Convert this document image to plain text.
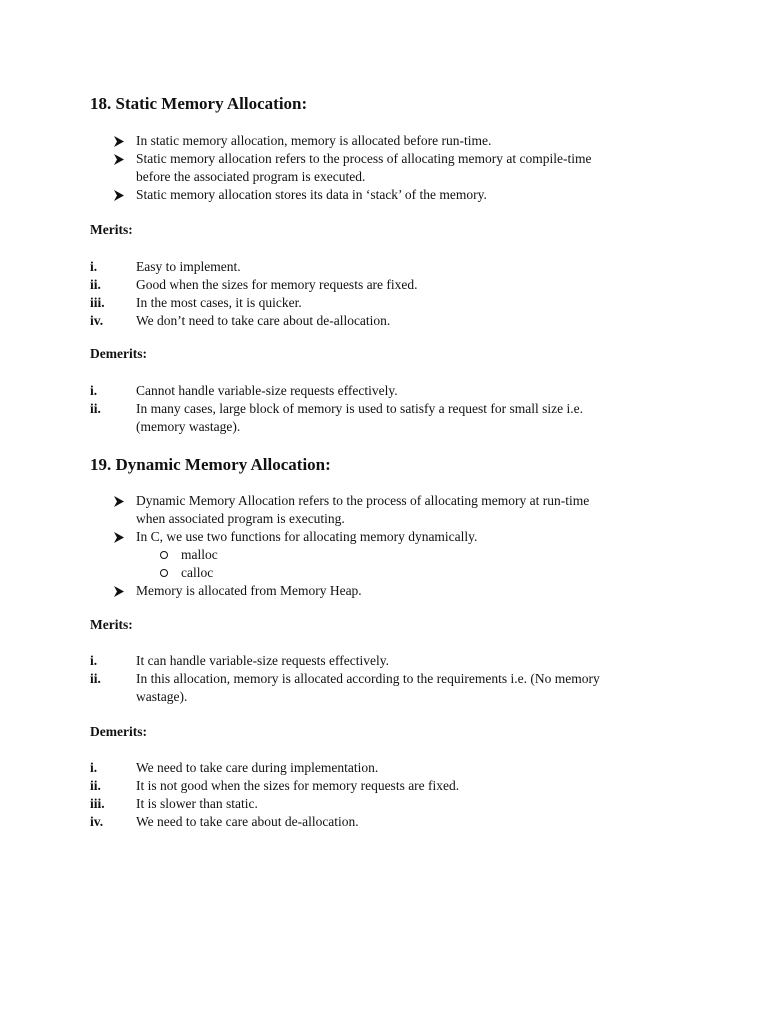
18. Static Memory Allocation:
In static memory allocation, memory is allocated before run-time.
Static memory allocation refers to the process of allocating memory at compile-time
before the associated program is executed.
Static memory allocation stores its data in ‘stack’ of the memory.
Merits:
i.	Easy to implement.
ii.	Good when the sizes for memory requests are fixed.
iii.	In the most cases, it is quicker.
iv.	We don’t need to take care about de-allocation.
Demerits:
i.	Cannot handle variable-size requests effectively.
ii.	In many cases, large block of memory is used to satisfy a request for small size i.e.
(memory wastage).
19. Dynamic Memory Allocation:
Dynamic Memory Allocation refers to the process of allocating memory at run-time
when associated program is executing.
In C, we use two functions for allocating memory dynamically.
malloc
calloc
Memory is allocated from Memory Heap.
Merits:
i.	It can handle variable-size requests effectively.
ii.	In this allocation, memory is allocated according to the requirements i.e. (No memory
wastage).
Demerits:
i.	We need to take care during implementation.
ii.	It is not good when the sizes for memory requests are fixed.
iii.	It is slower than static.
iv.	We need to take care about de-allocation.
